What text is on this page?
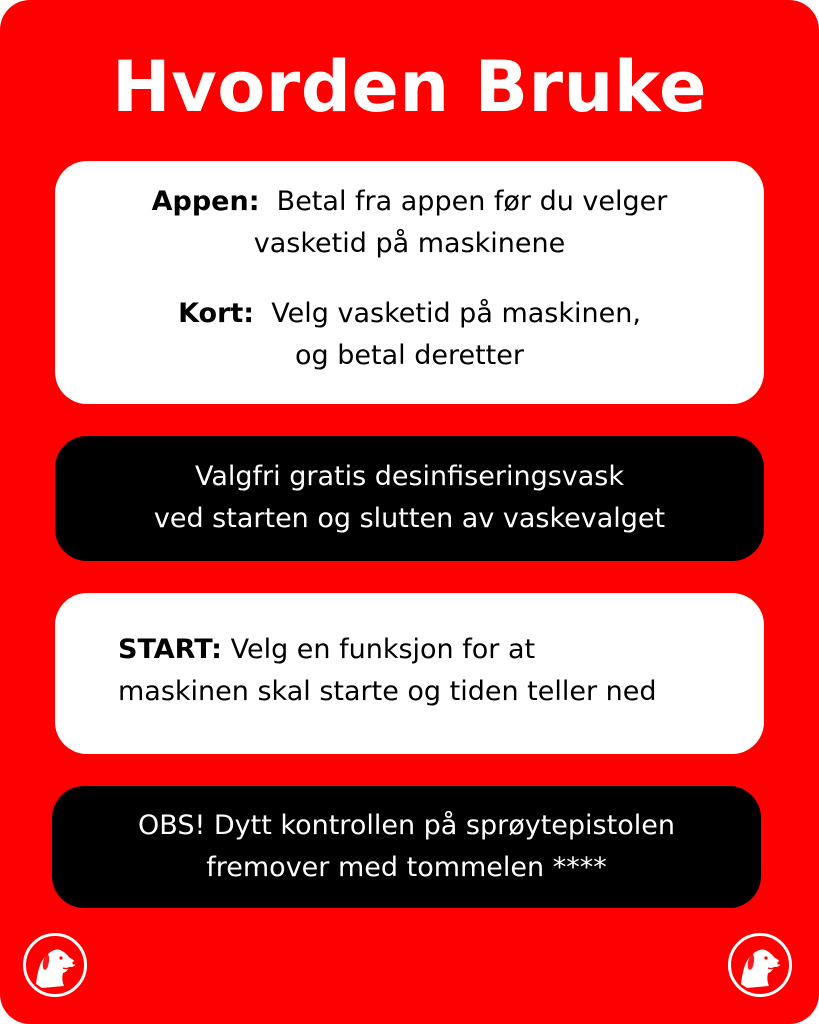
Hvorden Bruke

Appen: Betal fra appen før du velger
vasketid på maskinene

Kort: Velg vasketid på maskinen,
og betal deretter

Valgfri gratis desinfiseringsvask
ved starten og slutten av vaskevalget
START: Velg en funksjon for at
maskinen skal starte og tiden teller ned
OBS! Dytt kontrollen på sprøytepistolen
fremover med tommelen ****
